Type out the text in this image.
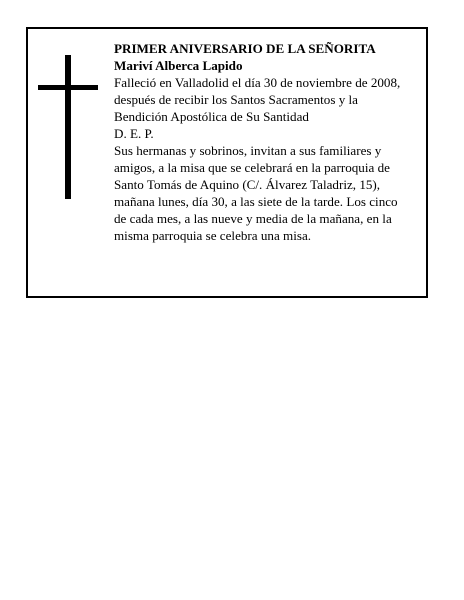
PRIMER ANIVERSARIO DE LA SEÑORITA
Mariví Alberca Lapido
Falleció en Valladolid el día 30 de noviembre de 2008,
después de recibir los Santos Sacramentos y la
Bendición Apostólica de Su Santidad
D. E. P.
Sus hermanas y sobrinos, invitan a sus familiares y
amigos, a la misa que se celebrará en la parroquia de
Santo Tomás de Aquino (C/. Álvarez Taladriz, 15),
mañana lunes, día 30, a las siete de la tarde. Los cinco
de cada mes, a las nueve y media de la mañana, en la
misma parroquia se celebra una misa.
